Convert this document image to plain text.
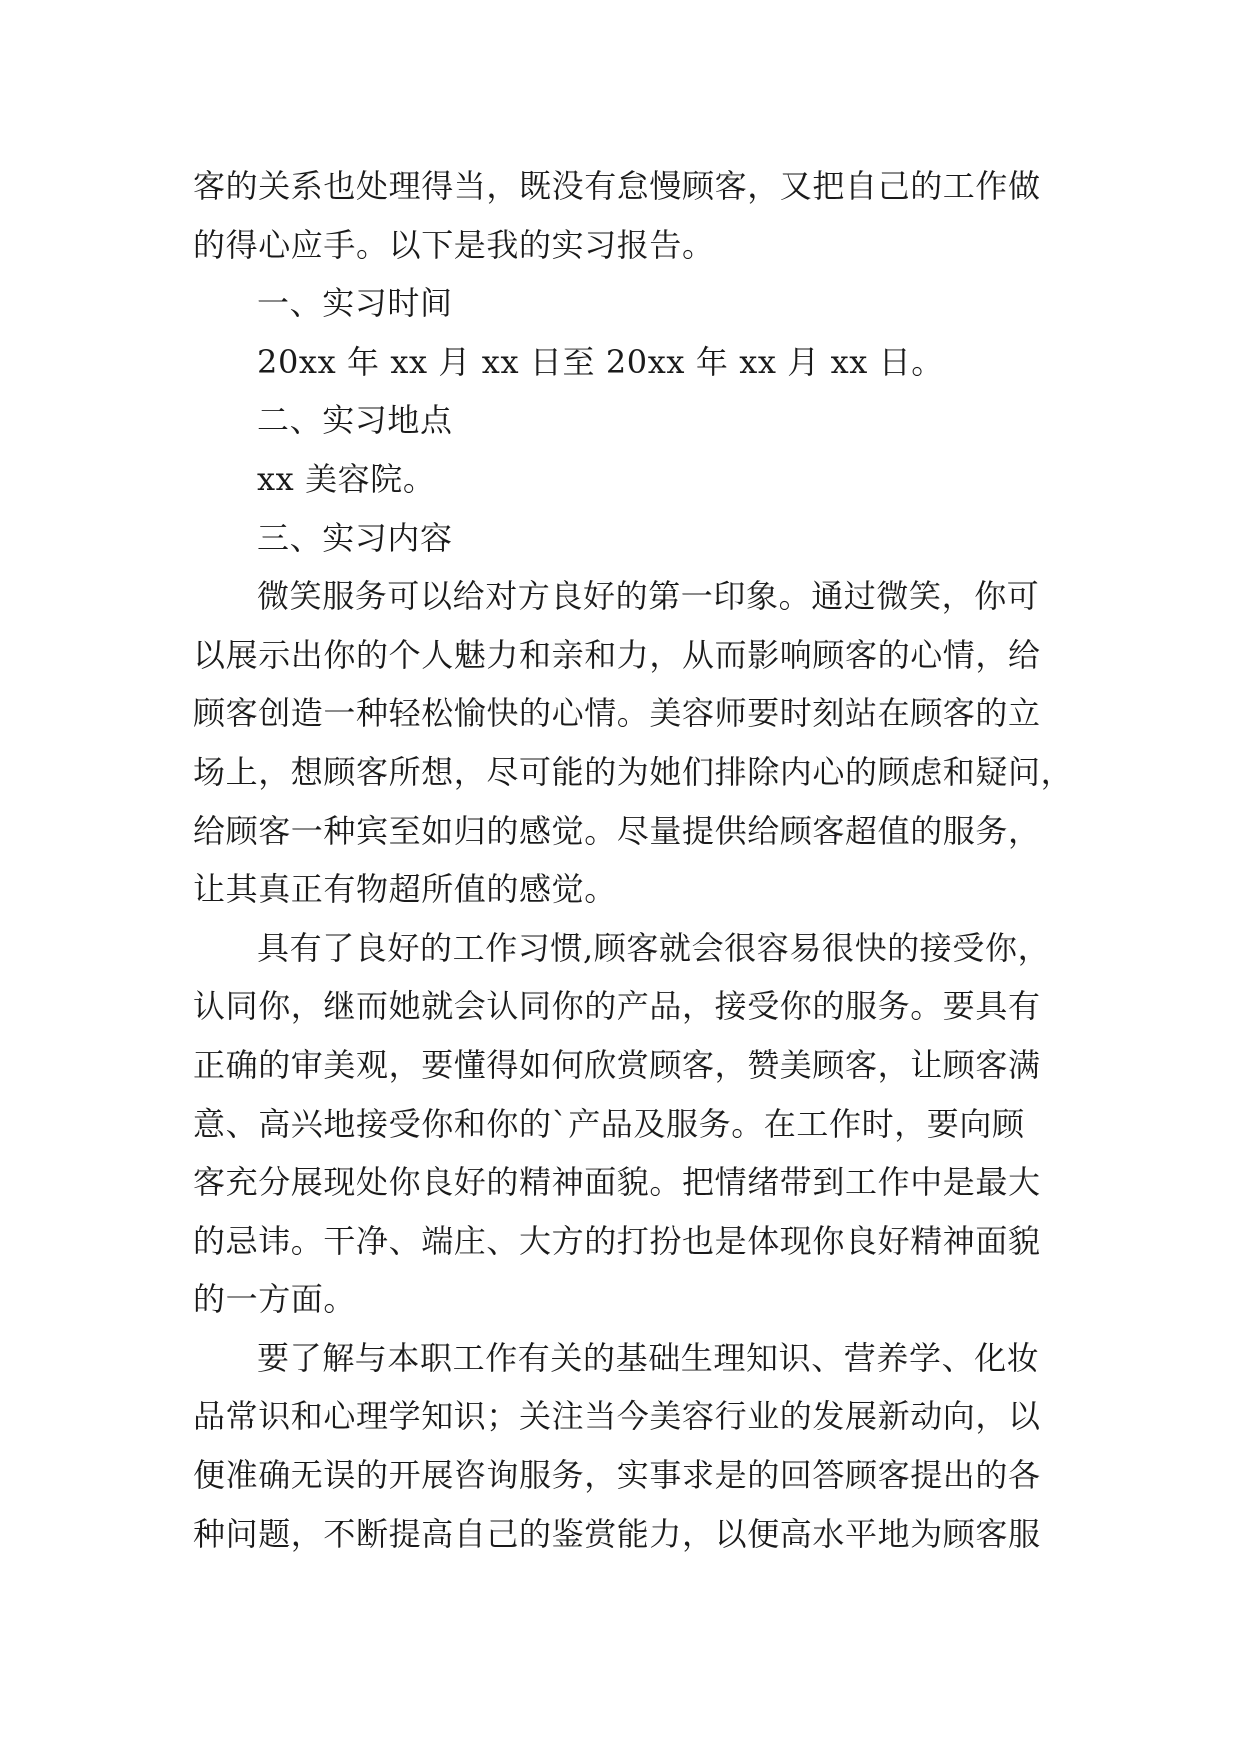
客的关系也处理得当，既没有怠慢顾客，又把自己的工作做
的得心应手。以下是我的实习报告。
一、实习时间
20xx 年 xx 月 xx 日至 20xx 年 xx 月 xx 日。
二、实习地点
xx 美容院。
三、实习内容
微笑服务可以给对方良好的第一印象。通过微笑，你可
以展示出你的个人魅力和亲和力，从而影响顾客的心情，给
顾客创造一种轻松愉快的心情。美容师要时刻站在顾客的立
场上，想顾客所想，尽可能的为她们排除内心的顾虑和疑问，
给顾客一种宾至如归的感觉。尽量提供给顾客超值的服务，
让其真正有物超所值的感觉。
具有了良好的工作习惯,顾客就会很容易很快的接受你，
认同你，继而她就会认同你的产品，接受你的服务。要具有
正确的审美观，要懂得如何欣赏顾客，赞美顾客，让顾客满
意、高兴地接受你和你的`产品及服务。在工作时，要向顾
客充分展现处你良好的精神面貌。把情绪带到工作中是最大
的忌讳。干净、端庄、大方的打扮也是体现你良好精神面貌
的一方面。
要了解与本职工作有关的基础生理知识、营养学、化妆
品常识和心理学知识；关注当今美容行业的发展新动向，以
便准确无误的开展咨询服务，实事求是的回答顾客提出的各
种问题，不断提高自己的鉴赏能力，以便高水平地为顾客服
